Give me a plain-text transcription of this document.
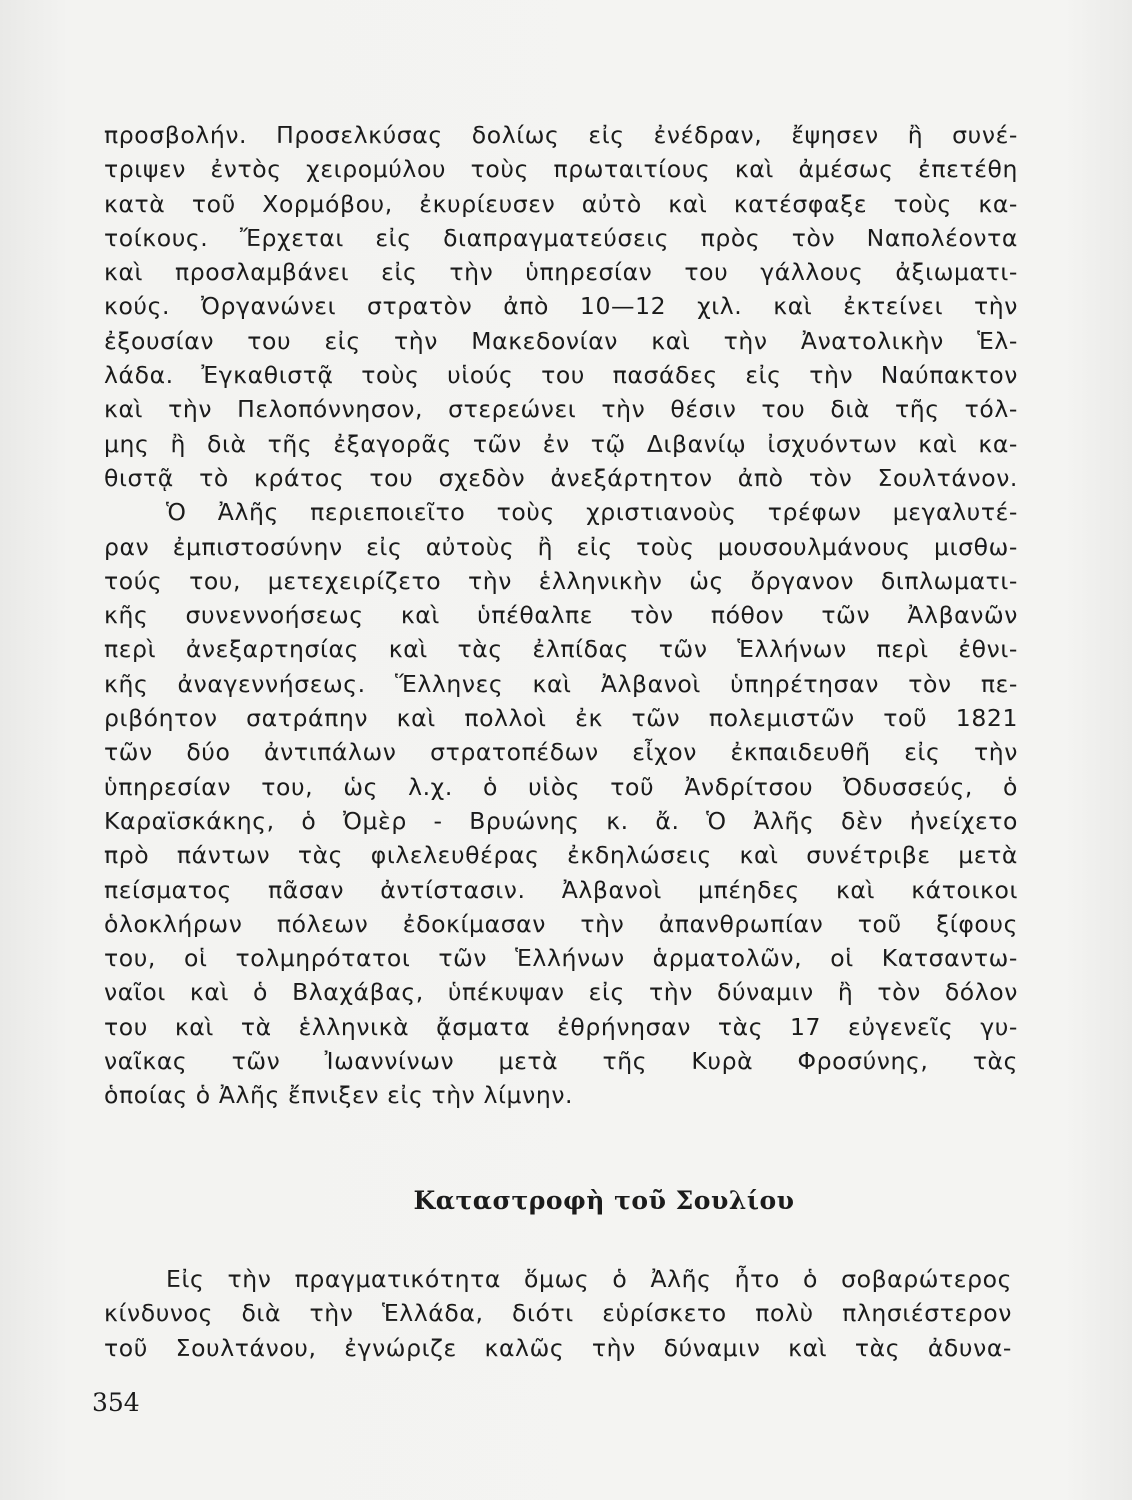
προσβολήν. Προσελκύσας δολίως εἰς ἐνέδραν, ἔψησεν ἢ συνέ-
τριψεν ἐντὸς χειρομύλου τοὺς πρωταιτίους καὶ ἀμέσως ἐπετέθη
κατὰ τοῦ Χορμόβου, ἐκυρίευσεν αὐτὸ καὶ κατέσφαξε τοὺς κα-
τοίκους. Ἔρχεται εἰς διαπραγματεύσεις πρὸς τὸν Ναπολέοντα
καὶ προσλαμβάνει εἰς τὴν ὑπηρεσίαν του γάλλους ἀξιωματι-
κούς. Ὀργανώνει στρατὸν ἀπὸ 10—12 χιλ. καὶ ἐκτείνει τὴν
ἐξουσίαν του εἰς τὴν Μακεδονίαν καὶ τὴν Ἀνατολικὴν Ἑλ-
λάδα. Ἐγκαθιστᾷ τοὺς υἱούς του πασάδες εἰς τὴν Ναύπακτον
καὶ τὴν Πελοπόννησον, στερεώνει τὴν θέσιν του διὰ τῆς τόλ-
μης ἢ διὰ τῆς ἐξαγορᾶς τῶν ἐν τῷ Διβανίῳ ἰσχυόντων καὶ κα-
θιστᾷ τὸ κράτος του σχεδὸν ἀνεξάρτητον ἀπὸ τὸν Σουλτάνον.
Ὁ Ἀλῆς περιεποιεῖτο τοὺς χριστιανοὺς τρέφων μεγαλυτέ-
ραν ἐμπιστοσύνην εἰς αὐτοὺς ἢ εἰς τοὺς μουσουλμάνους μισθω-
τούς του, μετεχειρίζετο τὴν ἑλληνικὴν ὡς ὄργανον διπλωματι-
κῆς συνεννοήσεως καὶ ὑπέθαλπε τὸν πόθον τῶν Ἀλβανῶν
περὶ ἀνεξαρτησίας καὶ τὰς ἐλπίδας τῶν Ἑλλήνων περὶ ἐθνι-
κῆς ἀναγεννήσεως. Ἕλληνες καὶ Ἀλβανοὶ ὑπηρέτησαν τὸν πε-
ριβόητον σατράπην καὶ πολλοὶ ἐκ τῶν πολεμιστῶν τοῦ 1821
τῶν δύο ἀντιπάλων στρατοπέδων εἶχον ἐκπαιδευθῆ εἰς τὴν
ὑπηρεσίαν του, ὡς λ.χ. ὁ υἱὸς τοῦ Ἀνδρίτσου Ὀδυσσεύς, ὁ
Καραϊσκάκης, ὁ Ὀμὲρ - Βρυώνης κ. ἄ. Ὁ Ἀλῆς δὲν ἠνείχετο
πρὸ πάντων τὰς φιλελευθέρας ἐκδηλώσεις καὶ συνέτριβε μετὰ
πείσματος πᾶσαν ἀντίστασιν. Ἀλβανοὶ μπέηδες καὶ κάτοικοι
ὁλοκλήρων πόλεων ἐδοκίμασαν τὴν ἀπανθρωπίαν τοῦ ξίφους
του, οἱ τολμηρότατοι τῶν Ἑλλήνων ἁρματολῶν, οἱ Κατσαντω-
ναῖοι καὶ ὁ Βλαχάβας, ὑπέκυψαν εἰς τὴν δύναμιν ἢ τὸν δόλον
του καὶ τὰ ἑλληνικὰ ᾄσματα ἐθρήνησαν τὰς 17 εὐγενεῖς γυ-
ναῖκας τῶν Ἰωαννίνων μετὰ τῆς Κυρὰ Φροσύνης, τὰς
ὁποίας ὁ Ἀλῆς ἔπνιξεν εἰς τὴν λίμνην.
Καταστροφὴ τοῦ Σουλίου
Εἰς τὴν πραγματικότητα ὅμως ὁ Ἀλῆς ἦτο ὁ σοβαρώτερος
κίνδυνος διὰ τὴν Ἑλλάδα, διότι εὑρίσκετο πολὺ πλησιέστερον
τοῦ Σουλτάνου, ἐγνώριζε καλῶς τὴν δύναμιν καὶ τὰς ἀδυνα-
354
